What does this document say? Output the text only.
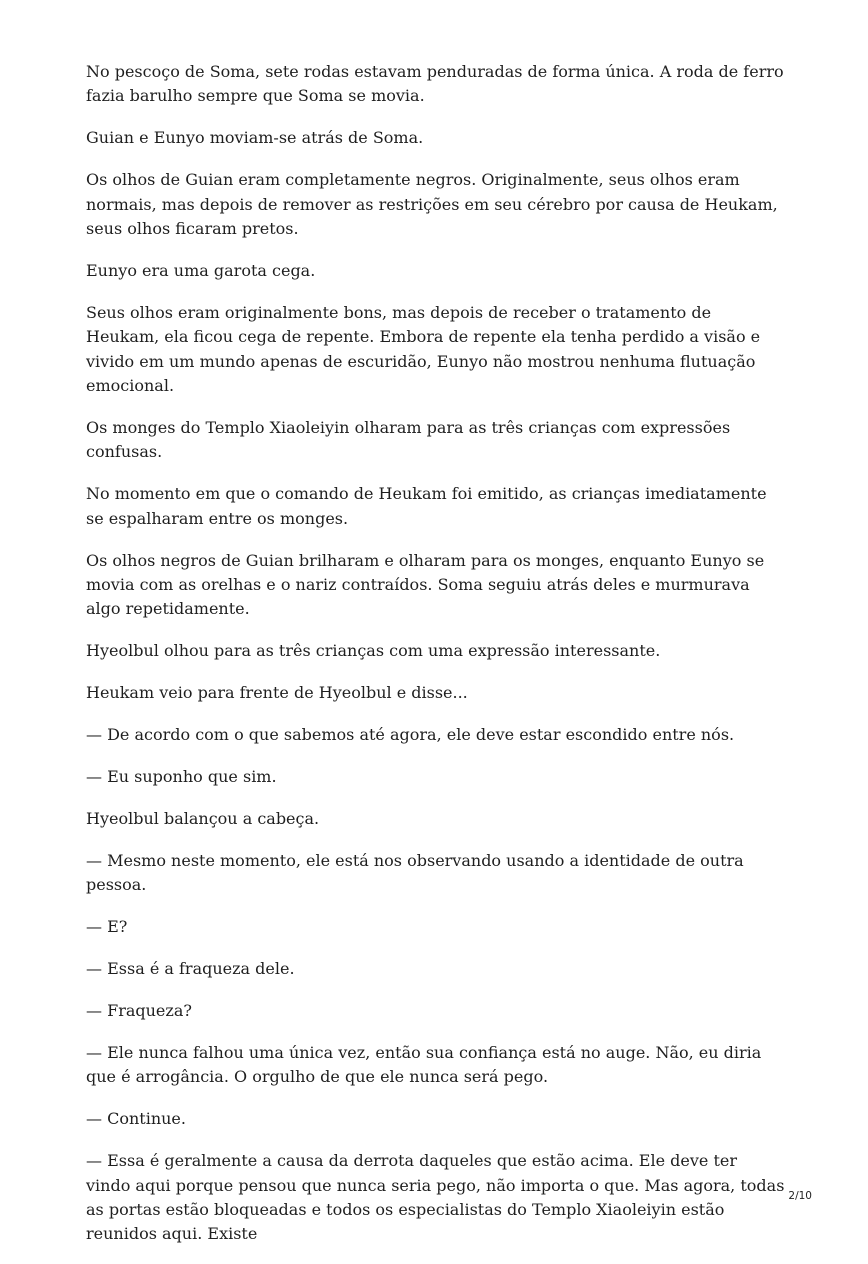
No pescoço de Soma, sete rodas estavam penduradas de forma única. A roda de ferro fazia barulho sempre que Soma se movia.

Guian e Eunyo moviam-se atrás de Soma.

Os olhos de Guian eram completamente negros. Originalmente, seus olhos eram normais, mas depois de remover as restrições em seu cérebro por causa de Heukam, seus olhos ficaram pretos.

Eunyo era uma garota cega.

Seus olhos eram originalmente bons, mas depois de receber o tratamento de Heukam, ela ficou cega de repente. Embora de repente ela tenha perdido a visão e vivido em um mundo apenas de escuridão, Eunyo não mostrou nenhuma flutuação emocional.

Os monges do Templo Xiaoleiyin olharam para as três crianças com expressões confusas.

No momento em que o comando de Heukam foi emitido, as crianças imediatamente se espalharam entre os monges.

Os olhos negros de Guian brilharam e olharam para os monges, enquanto Eunyo se movia com as orelhas e o nariz contraídos. Soma seguiu atrás deles e murmurava algo repetidamente.

Hyeolbul olhou para as três crianças com uma expressão interessante.

Heukam veio para frente de Hyeolbul e disse...

— De acordo com o que sabemos até agora, ele deve estar escondido entre nós.

— Eu suponho que sim.

Hyeolbul balançou a cabeça.

— Mesmo neste momento, ele está nos observando usando a identidade de outra pessoa.

— E?

— Essa é a fraqueza dele.

— Fraqueza?

— Ele nunca falhou uma única vez, então sua confiança está no auge. Não, eu diria que é arrogância. O orgulho de que ele nunca será pego.

— Continue.

— Essa é geralmente a causa da derrota daqueles que estão acima. Ele deve ter vindo aqui porque pensou que nunca seria pego, não importa o que. Mas agora, todas as portas estão bloqueadas e todos os especialistas do Templo Xiaoleiyin estão reunidos aqui. Existe

2/10
